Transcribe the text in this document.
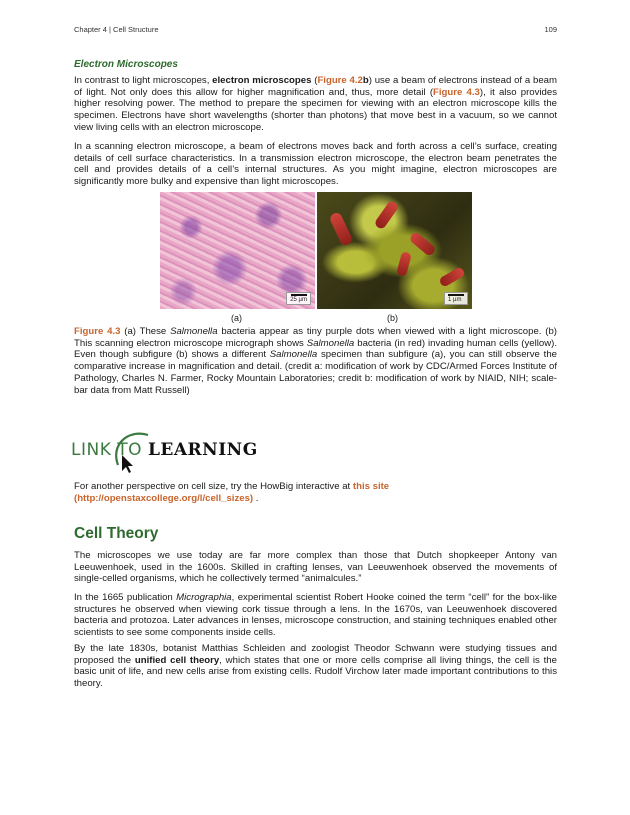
Chapter 4 | Cell Structure	109
Electron Microscopes

In contrast to light microscopes, electron microscopes (Figure 4.2b) use a beam of electrons instead of a beam of light. Not only does this allow for higher magnification and, thus, more detail (Figure 4.3), it also provides higher resolving power. The method to prepare the specimen for viewing with an electron microscope kills the specimen. Electrons have short wavelengths (shorter than photons) that move best in a vacuum, so we cannot view living cells with an electron microscope.

In a scanning electron microscope, a beam of electrons moves back and forth across a cell’s surface, creating details of cell surface characteristics. In a transmission electron microscope, the electron beam penetrates the cell and provides details of a cell’s internal structures. As you might imagine, electron microscopes are significantly more bulky and expensive than light microscopes.

25 µm	1 µm
(a)	(b)

Figure 4.3 (a) These Salmonella bacteria appear as tiny purple dots when viewed with a light microscope. (b) This scanning electron microscope micrograph shows Salmonella bacteria (in red) invading human cells (yellow). Even though subfigure (b) shows a different Salmonella specimen than subfigure (a), you can still observe the comparative increase in magnification and detail. (credit a: modification of work by CDC/Armed Forces Institute of Pathology, Charles N. Farmer, Rocky Mountain Laboratories; credit b: modification of work by NIAID, NIH; scale-bar data from Matt Russell)

LINK TO LEARNING

For another perspective on cell size, try the HowBig interactive at this site (http://openstaxcollege.org/l/cell_sizes) .

Cell Theory

The microscopes we use today are far more complex than those that Dutch shopkeeper Antony van Leeuwenhoek, used in the 1600s. Skilled in crafting lenses, van Leeuwenhoek observed the movements of single-celled organisms, which he collectively termed “animalcules.”

In the 1665 publication Micrographia, experimental scientist Robert Hooke coined the term “cell” for the box-like structures he observed when viewing cork tissue through a lens. In the 1670s, van Leeuwenhoek discovered bacteria and protozoa. Later advances in lenses, microscope construction, and staining techniques enabled other scientists to see some components inside cells.

By the late 1830s, botanist Matthias Schleiden and zoologist Theodor Schwann were studying tissues and proposed the unified cell theory, which states that one or more cells comprise all living things, the cell is the basic unit of life, and new cells arise from existing cells. Rudolf Virchow later made important contributions to this theory.
